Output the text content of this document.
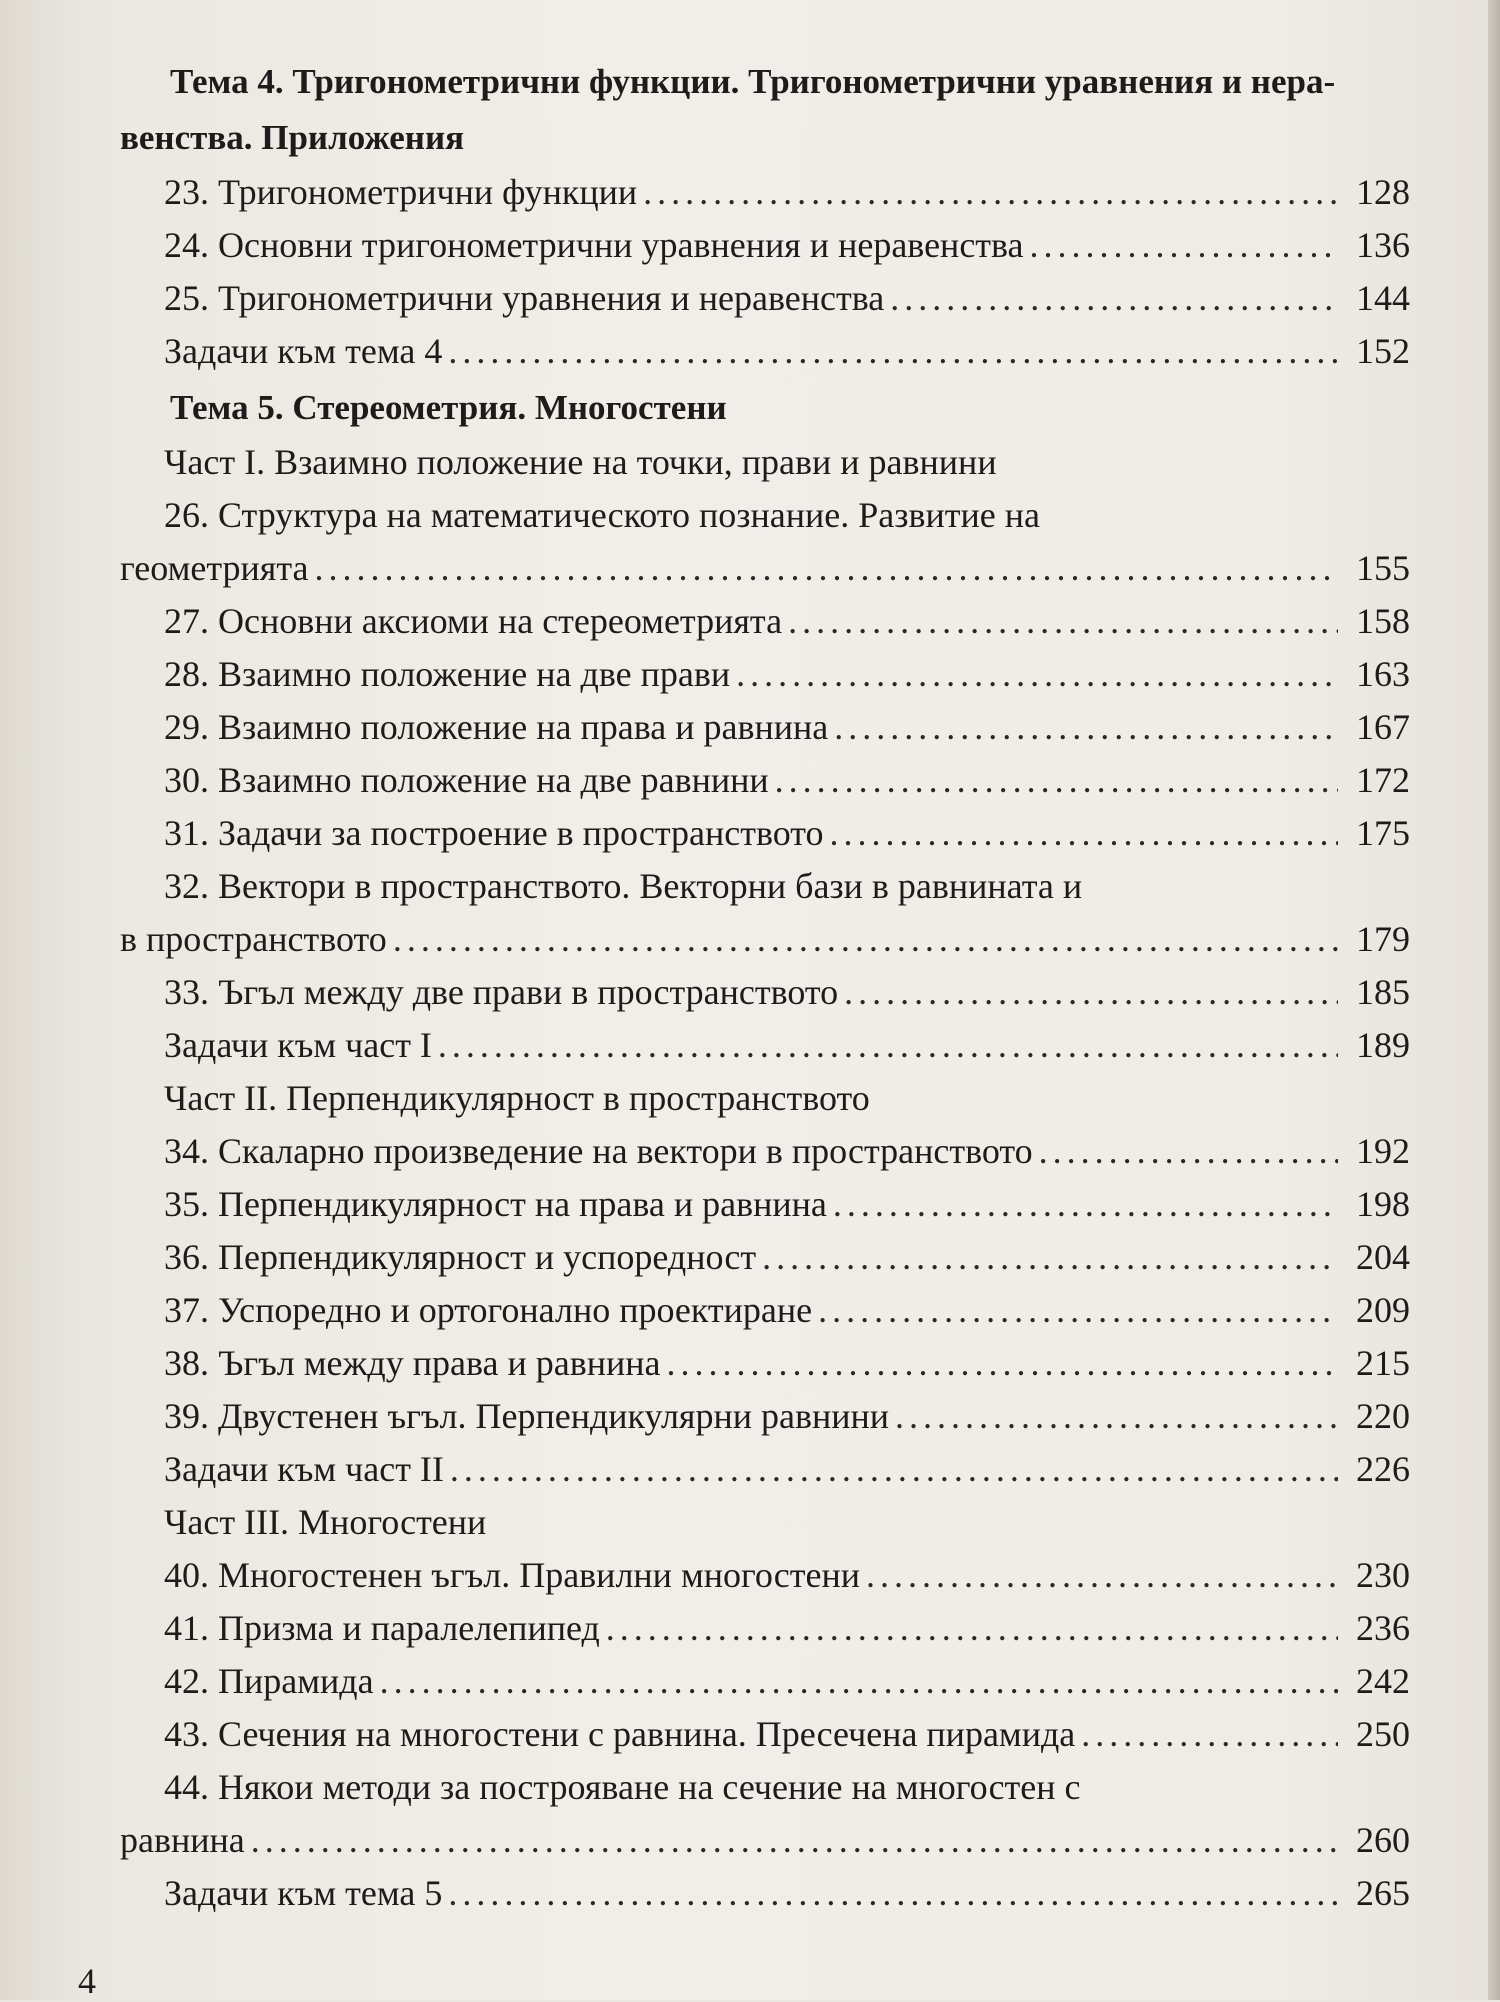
Тема 4. Тригонометрични функции. Тригонометрични уравнения и нера-
венства. Приложения
23. Тригонометрични функции . . .	128
24. Основни тригонометрични уравнения и неравенства . . .	136
25. Тригонометрични уравнения и неравенства . . .	144
Задачи към тема 4 . . .	152
Тема 5. Стереометрия. Многостени
Част I. Взаимно положение на точки, прави и равнини
26. Структура на математическото познание. Развитие на
геометрията . . .	155
27. Основни аксиоми на стереометрията . . .	158
28. Взаимно положение на две прави . . .	163
29. Взаимно положение на права и равнина . . .	167
30. Взаимно положение на две равнини . . .	172
31. Задачи за построение в пространството . . .	175
32. Вектори в пространството. Векторни бази в равнината и
в пространството . . .	179
33. Ъгъл между две прави в пространството . . .	185
Задачи към част I . . .	189
Част II. Перпендикулярност в пространството
34. Скаларно произведение на вектори в пространството . . .	192
35. Перпендикулярност на права и равнина . . .	198
36. Перпендикулярност и успоредност . . .	204
37. Успоредно и ортогонално проектиране . . .	209
38. Ъгъл между права и равнина . . .	215
39. Двустенен ъгъл. Перпендикулярни равнини . . .	220
Задачи към част II . . .	226
Част III. Многостени
40. Многостенен ъгъл. Правилни многостени . . .	230
41. Призма и паралелепипед . . .	236
42. Пирамида . . .	242
43. Сечения на многостени с равнина. Пресечена пирамида . . .	250
44. Някои методи за построяване на сечение на многостен с
равнина . . .	260
Задачи към тема 5 . . .	265
4
